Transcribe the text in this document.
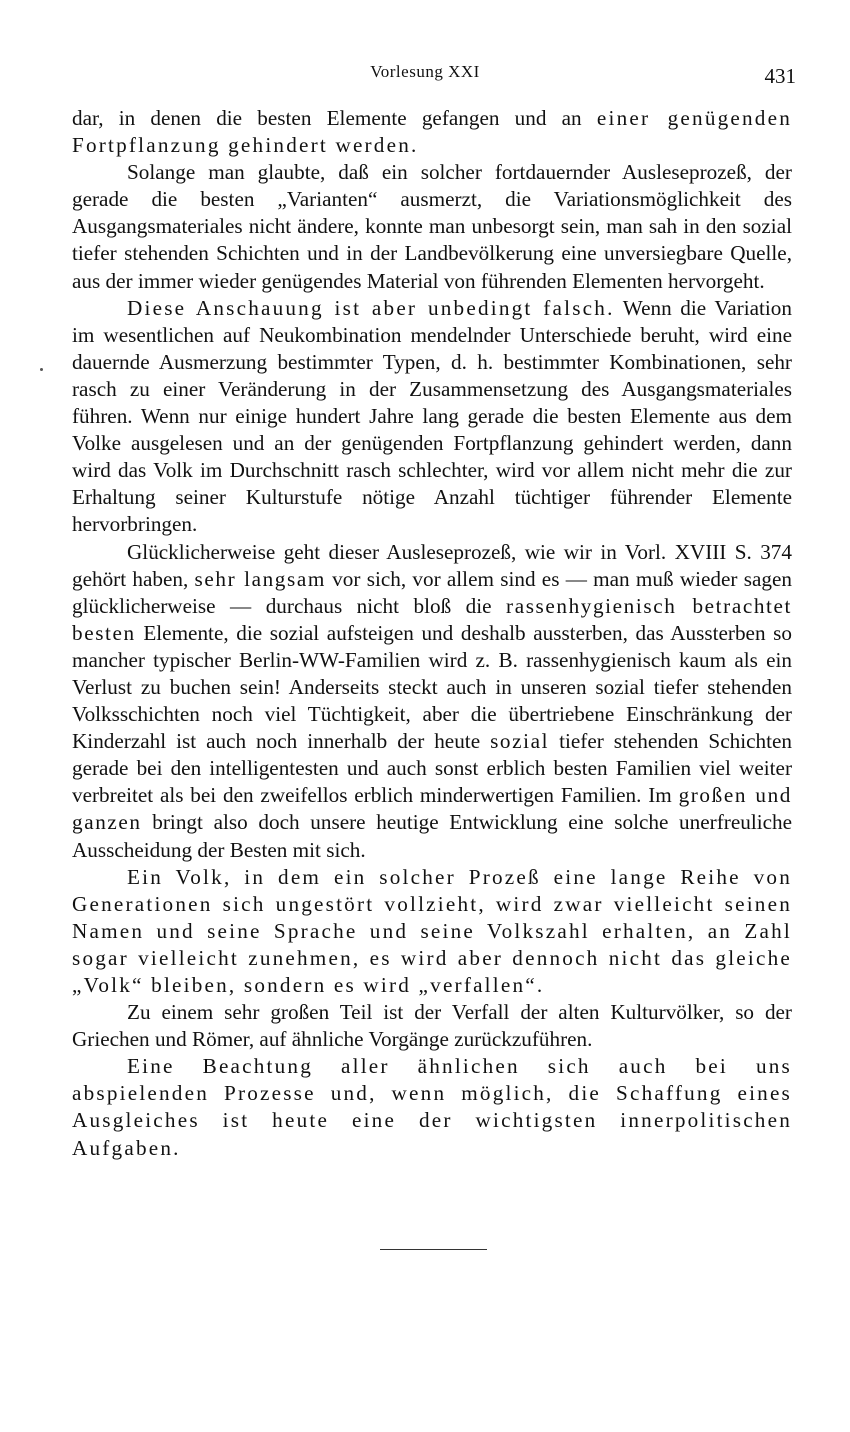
Vorlesung XXI	431

dar, in denen die besten Elemente gefangen und an einer genügenden Fortpflanzung gehindert werden.

Solange man glaubte, daß ein solcher fortdauernder Ausleseprozeß, der gerade die besten „Varianten“ ausmerzt, die Variationsmöglichkeit des Ausgangsmateriales nicht ändere, konnte man unbesorgt sein, man sah in den sozial tiefer stehenden Schichten und in der Landbevölkerung eine unversiegbare Quelle, aus der immer wieder genügendes Material von führenden Elementen hervorgeht.

Diese Anschauung ist aber unbedingt falsch. Wenn die Variation im wesentlichen auf Neukombination mendelnder Unterschiede beruht, wird eine dauernde Ausmerzung bestimmter Typen, d. h. bestimmter Kombinationen, sehr rasch zu einer Veränderung in der Zusammensetzung des Ausgangsmateriales führen. Wenn nur einige hundert Jahre lang gerade die besten Elemente aus dem Volke ausgelesen und an der genügenden Fortpflanzung gehindert werden, dann wird das Volk im Durchschnitt rasch schlechter, wird vor allem nicht mehr die zur Erhaltung seiner Kulturstufe nötige Anzahl tüchtiger führender Elemente hervorbringen.

Glücklicherweise geht dieser Ausleseprozeß, wie wir in Vorl. XVIII S. 374 gehört haben, sehr langsam vor sich, vor allem sind es — man muß wieder sagen glücklicherweise — durchaus nicht bloß die rassenhygienisch betrachtet besten Elemente, die sozial aufsteigen und deshalb aussterben, das Aussterben so mancher typischer Berlin-WW-Familien wird z. B. rassenhygienisch kaum als ein Verlust zu buchen sein! Anderseits steckt auch in unseren sozial tiefer stehenden Volksschichten noch viel Tüchtigkeit, aber die übertriebene Einschränkung der Kinderzahl ist auch noch innerhalb der heute sozial tiefer stehenden Schichten gerade bei den intelligentesten und auch sonst erblich besten Familien viel weiter verbreitet als bei den zweifellos erblich minderwertigen Familien. Im großen und ganzen bringt also doch unsere heutige Entwicklung eine solche unerfreuliche Ausscheidung der Besten mit sich.

Ein Volk, in dem ein solcher Prozeß eine lange Reihe von Generationen sich ungestört vollzieht, wird zwar vielleicht seinen Namen und seine Sprache und seine Volkszahl erhalten, an Zahl sogar vielleicht zunehmen, es wird aber dennoch nicht das gleiche „Volk“ bleiben, sondern es wird „verfallen“.

Zu einem sehr großen Teil ist der Verfall der alten Kulturvölker, so der Griechen und Römer, auf ähnliche Vorgänge zurückzuführen.

Eine Beachtung aller ähnlichen sich auch bei uns abspielenden Prozesse und, wenn möglich, die Schaffung eines Ausgleiches ist heute eine der wichtigsten innerpolitischen Aufgaben.
